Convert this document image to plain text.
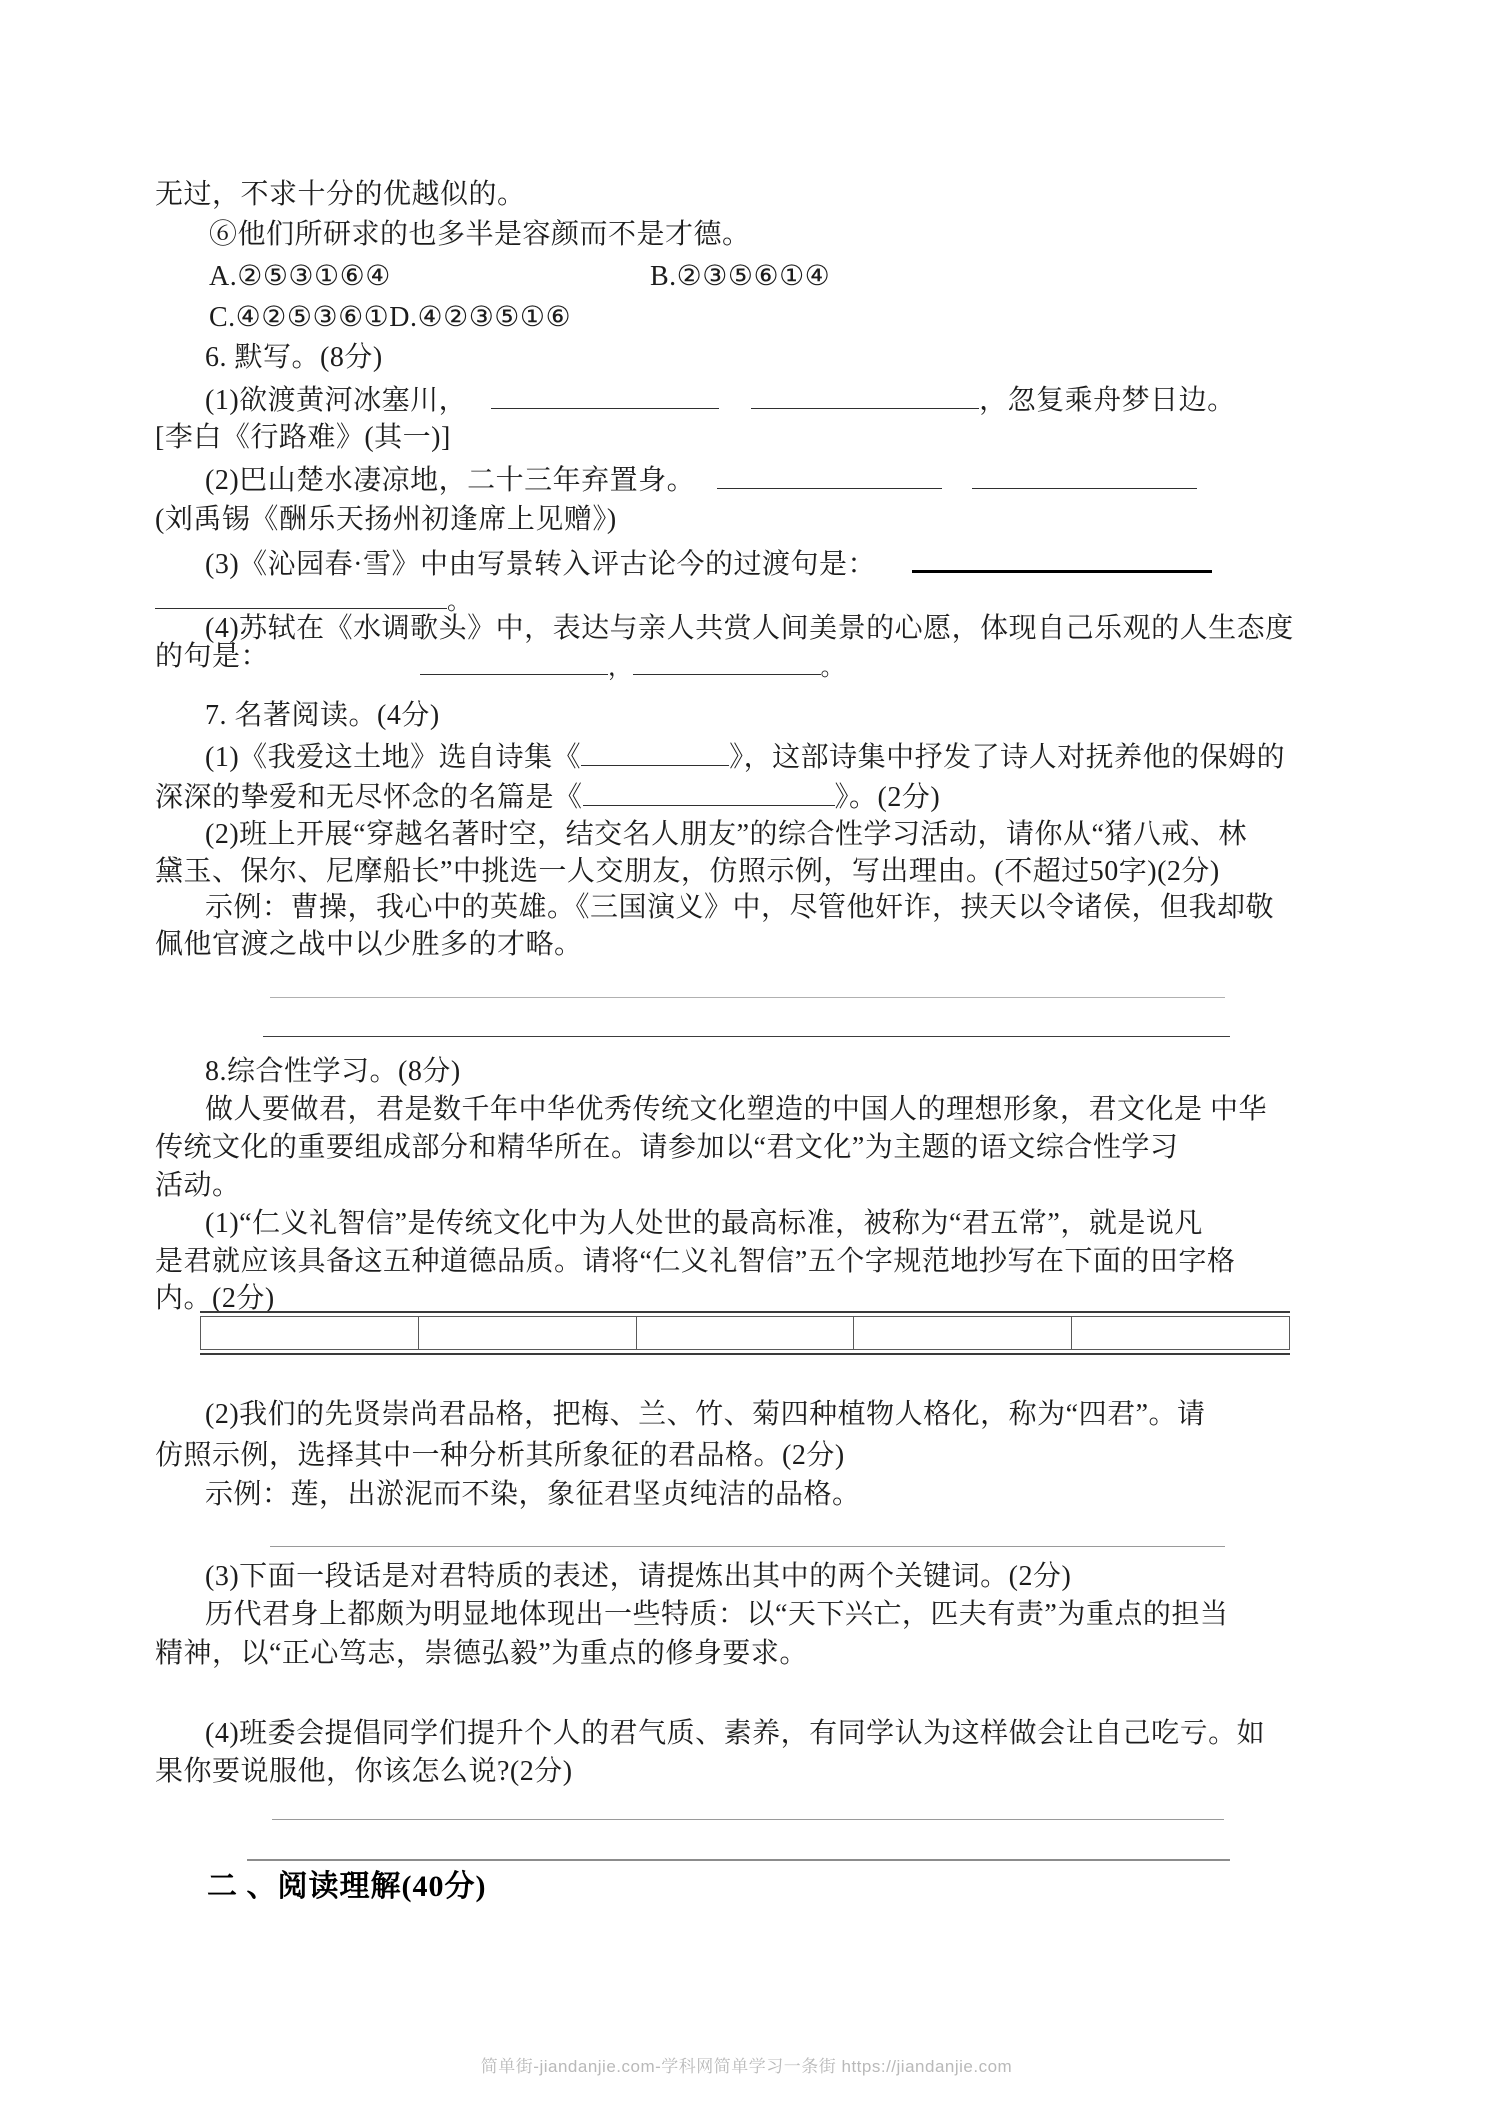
无过，不求十分的优越似的。
⑥他们所研求的也多半是容颜而不是才德。
A.②⑤③①⑥④	B.②③⑤⑥①④
C.④②⑤③⑥①D.④②③⑤①⑥
6. 默写。(8分)
(1)欲渡黄河冰塞川，	，忽复乘舟梦日边。
[李白《行路难》(其一)]
(2)巴山楚水凄凉地，二十三年弃置身。
(刘禹锡《酬乐天扬州初逢席上见赠》)
(3)《沁园春·雪》中由写景转入评古论今的过渡句是：
。
(4)苏轼在《水调歌头》中，表达与亲人共赏人间美景的心愿，体现自己乐观的人生态度
的句是：	，	。
7. 名著阅读。(4分)
(1)《我爱这土地》选自诗集《	》，这部诗集中抒发了诗人对抚养他的保姆的
深深的挚爱和无尽怀念的名篇是《	》。(2分)
(2)班上开展“穿越名著时空，结交名人朋友”的综合性学习活动，请你从“猪八戒、林
黛玉、保尔、尼摩船长”中挑选一人交朋友，仿照示例，写出理由。(不超过50字)(2分)
示例：曹操，我心中的英雄。《三国演义》中，尽管他奸诈，挟天以令诸侯，但我却敬
佩他官渡之战中以少胜多的才略。
8.综合性学习。(8分)
做人要做君，君是数千年中华优秀传统文化塑造的中国人的理想形象，君文化是 中华
传统文化的重要组成部分和精华所在。请参加以“君文化”为主题的语文综合性学习
活动。
(1)“仁义礼智信”是传统文化中为人处世的最高标准，被称为“君五常”，就是说凡
是君就应该具备这五种道德品质。请将“仁义礼智信”五个字规范地抄写在下面的田字格
内。(2分)
(2)我们的先贤崇尚君品格，把梅、兰、竹、菊四种植物人格化，称为“四君”。请
仿照示例，选择其中一种分析其所象征的君品格。(2分)
示例：莲，出淤泥而不染，象征君坚贞纯洁的品格。
(3)下面一段话是对君特质的表述，请提炼出其中的两个关键词。(2分)
历代君身上都颇为明显地体现出一些特质：以“天下兴亡，匹夫有责”为重点的担当
精神，以“正心笃志，崇德弘毅”为重点的修身要求。
(4)班委会提倡同学们提升个人的君气质、素养，有同学认为这样做会让自己吃亏。如
果你要说服他，你该怎么说?(2分)
二 、阅读理解(40分)
简单街-jiandanjie.com-学科网简单学习一条街 https://jiandanjie.com
